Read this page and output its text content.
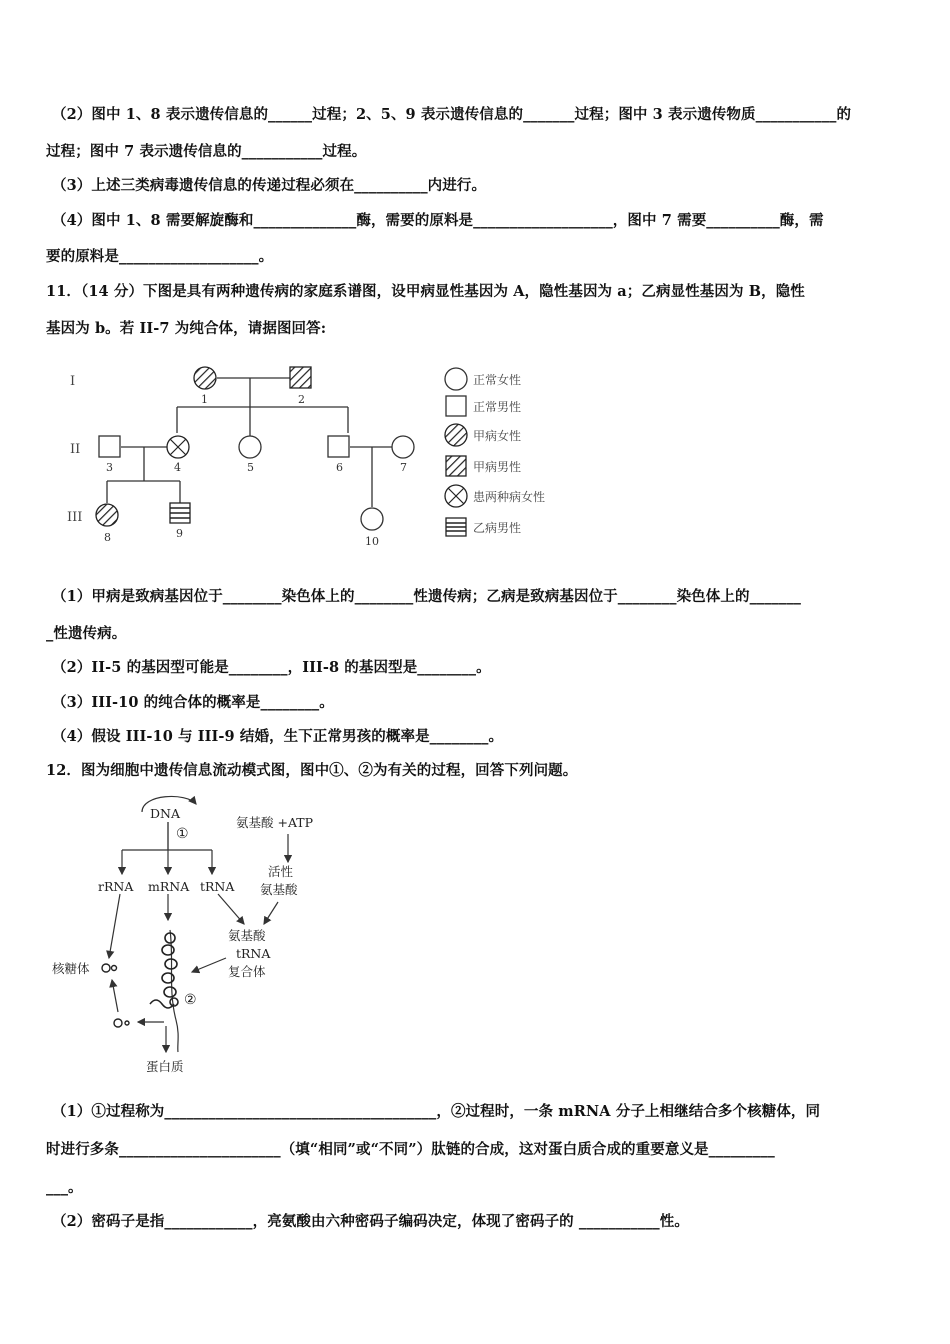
（2）图中 1、8 表示遗传信息的______过程；2、5、9 表示遗传信息的_______过程；图中 3 表示遗传物质___________的
过程；图中 7 表示遗传信息的___________过程。
（3）上述三类病毒遗传信息的传递过程必须在__________内进行。
（4）图中 1、8 需要解旋酶和______________酶，需要的原料是___________________，图中 7 需要__________酶，需
要的原料是___________________。
11．（14 分）下图是具有两种遗传病的家庭系谱图，设甲病显性基因为 A，隐性基因为 a；乙病显性基因为 B，隐性
基因为 b。若 II-7 为纯合体，请据图回答:
I
II
III
1	2
3	4	5	6	7
8	9
10
正常女性
正常男性
甲病女性
甲病男性
患两种病女性
乙病男性
（1）甲病是致病基因位于________染色体上的________性遗传病；乙病是致病基因位于________染色体上的_______
_性遗传病。
（2）II-5 的基因型可能是________，III-8 的基因型是________。
（3）III-10 的纯合体的概率是________。
（4）假设 III-10 与 III-9 结婚，生下正常男孩的概率是________。
12．图为细胞中遗传信息流动模式图，图中①、②为有关的过程，回答下列问题。
DNA
①
氨基酸 +ATP
活性
氨基酸
rRNA mRNA tRNA
氨基酸
tRNA
复合体
核糖体
②
蛋白质
（1）①过程称为_____________________________________，②过程时，一条 mRNA 分子上相继结合多个核糖体，同
时进行多条______________________（填“相同”或“不同”）肽链的合成，这对蛋白质合成的重要意义是_________
___。
（2）密码子是指____________，亮氨酸由六种密码子编码决定，体现了密码子的 ___________性。
